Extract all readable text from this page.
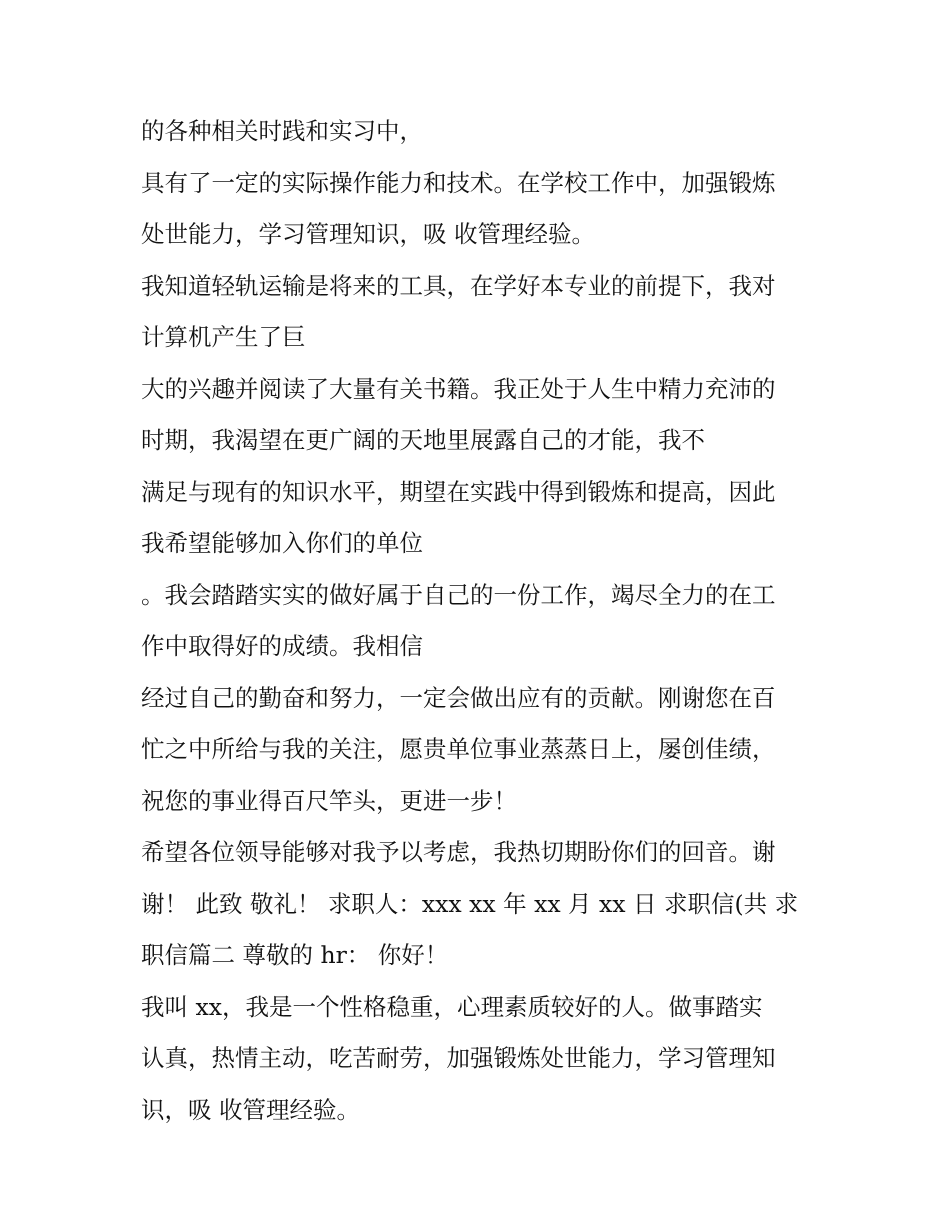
的各种相关时践和实习中，
具有了一定的实际操作能力和技术。在学校工作中，加强锻炼
处世能力，学习管理知识，吸 收管理经验。
我知道轻轨运输是将来的工具，在学好本专业的前提下，我对
计算机产生了巨
大的兴趣并阅读了大量有关书籍。我正处于人生中精力充沛的
时期，我渴望在更广阔的天地里展露自己的才能，我不
满足与现有的知识水平，期望在实践中得到锻炼和提高，因此
我希望能够加入你们的单位
。我会踏踏实实的做好属于自己的一份工作，竭尽全力的在工
作中取得好的成绩。我相信
经过自己的勤奋和努力，一定会做出应有的贡献。刚谢您在百
忙之中所给与我的关注，愿贵单位事业蒸蒸日上，屡创佳绩，
祝您的事业得百尺竿头，更进一步！
希望各位领导能够对我予以考虑，我热切期盼你们的回音。谢
谢！ 此致 敬礼！ 求职人：xxx xx 年 xx 月 xx 日 求职信(共 求
职信篇二 尊敬的 hr： 你好！
我叫 xx，我是一个性格稳重，心理素质较好的人。做事踏实
认真，热情主动，吃苦耐劳，加强锻炼处世能力，学习管理知
识，吸 收管理经验。
